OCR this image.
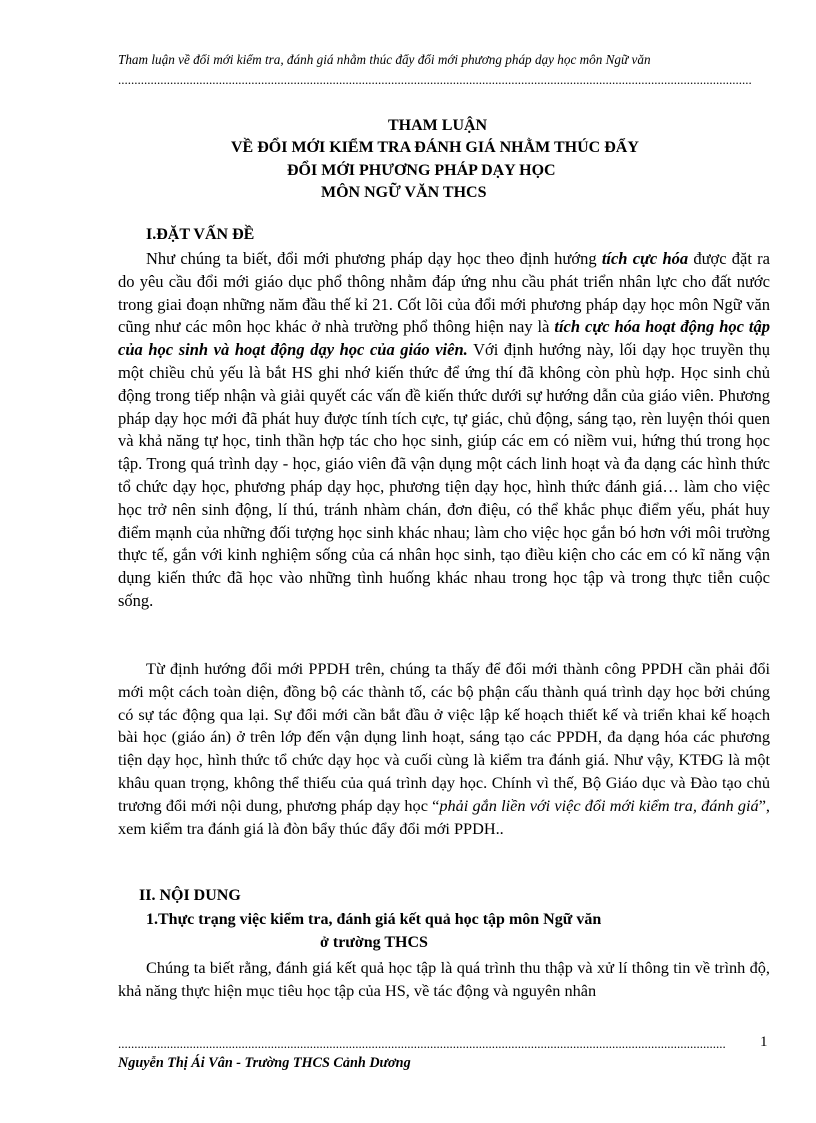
Tham luận về đổi mới kiểm tra, đánh giá nhằm thúc đẩy đổi mới phương pháp dạy học môn Ngữ văn
...................................................................................................................................................................................................
THAM LUẬN
VỀ ĐỔI MỚI KIỂM TRA ĐÁNH GIÁ NHẰM THÚC ĐẨY
ĐỔI MỚI PHƯƠNG PHÁP DẠY HỌC
MÔN NGỮ VĂN THCS
I.ĐẶT VẤN ĐỀ

Như chúng ta biết, đổi mới phương pháp dạy học theo định hướng tích cực hóa được đặt ra do yêu cầu đổi mới giáo dục phổ thông nhằm đáp ứng nhu cầu phát triển nhân lực cho đất nước trong giai đoạn những năm đầu thế kỉ 21. Cốt lõi của đổi mới phương pháp dạy học môn Ngữ văn cũng như các môn học khác ở nhà trường phổ thông hiện nay là tích cực hóa hoạt động học tập của học sinh và hoạt động dạy học của giáo viên. Với định hướng này, lối dạy học truyền thụ một chiều chủ yếu là bắt HS ghi nhớ kiến thức để ứng thí đã không còn phù hợp. Học sinh chủ động trong tiếp nhận và giải quyết các vấn đề kiến thức dưới sự hướng dẫn của giáo viên. Phương pháp dạy học mới đã phát huy được tính tích cực, tự giác, chủ động, sáng tạo, rèn luyện thói quen và khả năng tự học, tinh thần hợp tác cho học sinh, giúp các em có niềm vui, hứng thú trong học tập. Trong quá trình dạy - học, giáo viên đã vận dụng một cách linh hoạt và đa dạng các hình thức tổ chức dạy học, phương pháp dạy học, phương tiện dạy học, hình thức đánh giá… làm cho việc học trở nên sinh động, lí thú, tránh nhàm chán, đơn điệu, có thể khắc phục điểm yếu, phát huy điểm mạnh của những đối tượng học sinh khác nhau; làm cho việc học gắn bó hơn với môi trường thực tế, gắn với kinh nghiệm sống của cá nhân học sinh, tạo điều kiện cho các em có kĩ năng vận dụng kiến thức đã học vào những tình huống khác nhau trong học tập và trong thực tiễn cuộc sống.

Từ định hướng đổi mới PPDH trên, chúng ta thấy để đổi mới thành công PPDH cần phải đổi mới một cách toàn diện, đồng bộ các thành tố, các bộ phận cấu thành quá trình dạy học bởi chúng có sự tác động qua lại. Sự đổi mới cần bắt đầu ở việc lập kế hoạch thiết kế và triển khai kế hoạch bài học (giáo án) ở trên lớp đến vận dụng linh hoạt, sáng tạo các PPDH, đa dạng hóa các phương tiện dạy học, hình thức tổ chức dạy học và cuối cùng là kiểm tra đánh giá. Như vậy, KTĐG là một khâu quan trọng, không thể thiếu của quá trình dạy học. Chính vì thế, Bộ Giáo dục và Đào tạo chủ trương đổi mới nội dung, phương pháp dạy học “phải gắn liền với việc đổi mới kiểm tra, đánh giá”, xem kiểm tra đánh giá là đòn bẩy thúc đẩy đổi mới PPDH..

II. NỘI DUNG
1.Thực trạng việc kiểm tra, đánh giá kết quả học tập môn Ngữ văn
ở trường THCS

Chúng ta biết rằng, đánh giá kết quả học tập là quá trình thu thập và xử lí thông tin về trình độ, khả năng thực hiện mục tiêu học tập của HS, về tác động và nguyên nhân

...........................................................................................................................................................................................	1
Nguyễn Thị Ái Vân - Trường THCS Cảnh Dương
